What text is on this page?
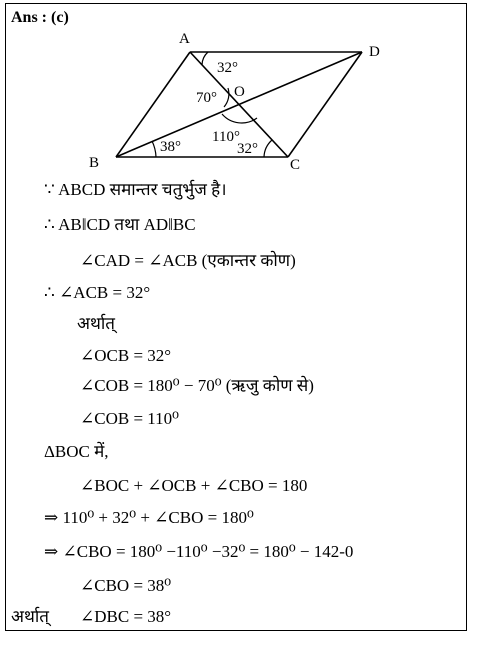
Ans : (c)
A
D
B	C
O
32°
70°
110°
38°	32°
∵ ABCD समान्तर चतुर्भुज है।
∴ AB‖CD तथा AD‖BC
∠CAD = ∠ACB (एकान्तर कोण)
∴ ∠ACB = 32°
अर्थात्
∠OCB = 32°
∠COB = 180⁰ − 70⁰ (ऋजु कोण से)
∠COB = 110⁰
ΔBOC में,
∠BOC + ∠OCB + ∠CBO = 180
⇒ 110⁰ + 32⁰ + ∠CBO = 180⁰
⇒ ∠CBO = 180⁰ −110⁰ −32⁰ = 180⁰ − 142-0
∠CBO = 38⁰
अर्थात् ∠DBC = 38°
